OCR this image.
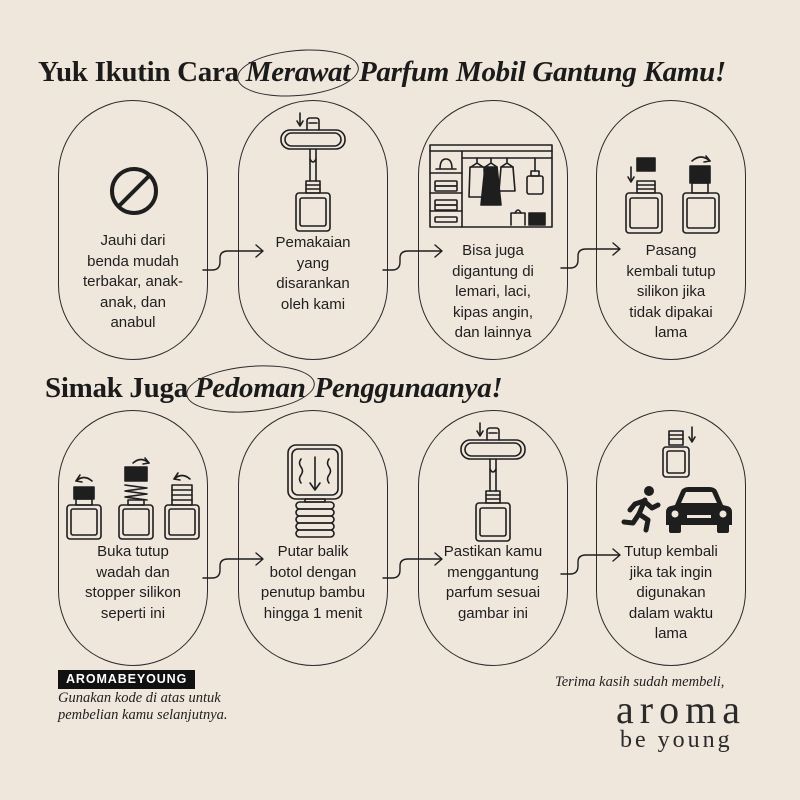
Yuk Ikutin Cara Merawat Parfum Mobil Gantung Kamu!
Jauhi dari
benda mudah
terbakar, anak-
anak, dan
anabul
Pemakaian
yang
disarankan
oleh kami
Bisa juga
digantung di
lemari, laci,
kipas angin,
dan lainnya
Pasang
kembali tutup
silikon jika
tidak dipakai
lama
Simak Juga Pedoman Penggunaanya!
Buka tutup
wadah dan
stopper silikon
seperti ini
Putar balik
botol dengan
penutup bambu
hingga 1 menit
Pastikan kamu
menggantung
parfum sesuai
gambar ini
Tutup kembali
jika tak ingin
digunakan
dalam waktu
lama
AROMABEYOUNG
Gunakan kode di atas untuk
pembelian kamu selanjutnya.
Terima kasih sudah membeli,
aroma
be young
